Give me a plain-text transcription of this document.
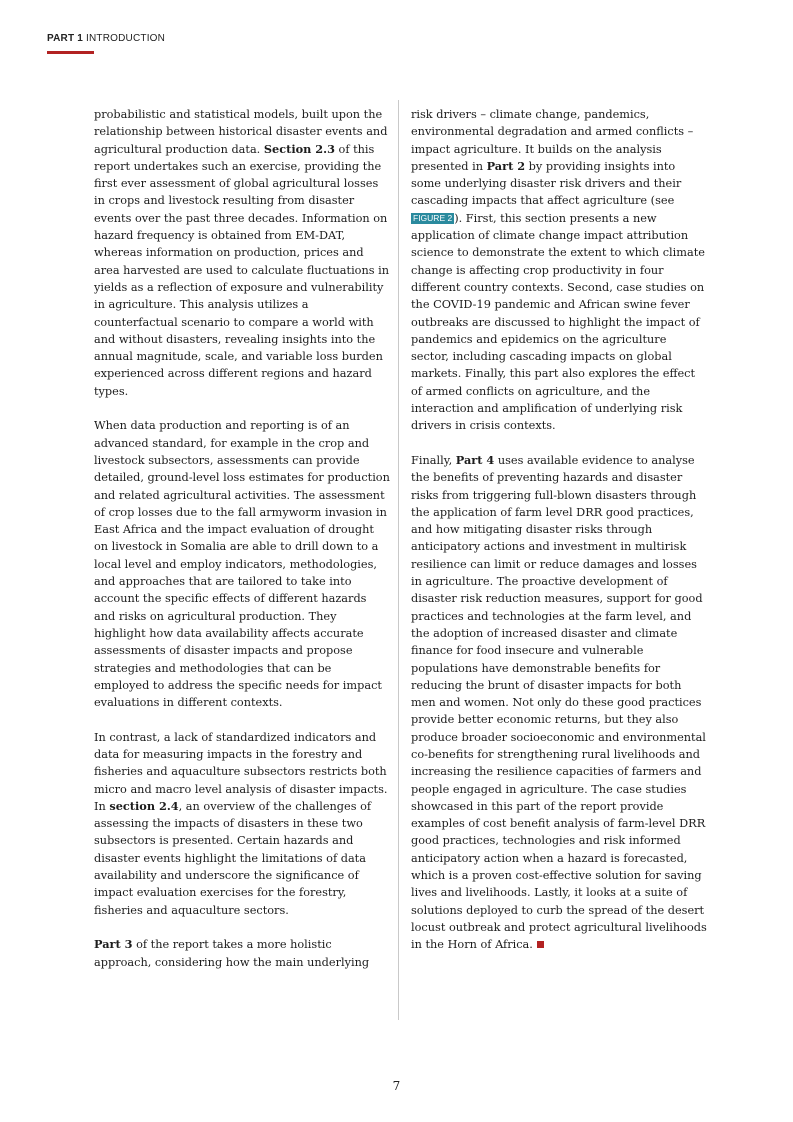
PART 1 INTRODUCTION

probabilistic and statistical models, built upon the relationship between historical disaster events and agricultural production data. Section 2.3 of this report undertakes such an exercise, providing the first ever assessment of global agricultural losses in crops and livestock resulting from disaster events over the past three decades. Information on hazard frequency is obtained from EM-DAT, whereas information on production, prices and area harvested are used to calculate fluctuations in yields as a reflection of exposure and vulnerability in agriculture. This analysis utilizes a counterfactual scenario to compare a world with and without disasters, revealing insights into the annual magnitude, scale, and variable loss burden experienced across different regions and hazard types.

When data production and reporting is of an advanced standard, for example in the crop and livestock subsectors, assessments can provide detailed, ground-level loss estimates for production and related agricultural activities. The assessment of crop losses due to the fall armyworm invasion in East Africa and the impact evaluation of drought on livestock in Somalia are able to drill down to a local level and employ indicators, methodologies, and approaches that are tailored to take into account the specific effects of different hazards and risks on agricultural production. They highlight how data availability affects accurate assessments of disaster impacts and propose strategies and methodologies that can be employed to address the specific needs for impact evaluations in different contexts.

In contrast, a lack of standardized indicators and data for measuring impacts in the forestry and fisheries and aquaculture subsectors restricts both micro and macro level analysis of disaster impacts. In section 2.4, an overview of the challenges of assessing the impacts of disasters in these two subsectors is presented. Certain hazards and disaster events highlight the limitations of data availability and underscore the significance of impact evaluation exercises for the forestry, fisheries and aquaculture sectors.

Part 3 of the report takes a more holistic approach, considering how the main underlying

risk drivers – climate change, pandemics, environmental degradation and armed conflicts – impact agriculture. It builds on the analysis presented in Part 2 by providing insights into some underlying disaster risk drivers and their cascading impacts that affect agriculture (see FIGURE 2 ). First, this section presents a new application of climate change impact attribution science to demonstrate the extent to which climate change is affecting crop productivity in four different country contexts. Second, case studies on the COVID-19 pandemic and African swine fever outbreaks are discussed to highlight the impact of pandemics and epidemics on the agriculture sector, including cascading impacts on global markets. Finally, this part also explores the effect of armed conflicts on agriculture, and the interaction and amplification of underlying risk drivers in crisis contexts.

Finally, Part 4 uses available evidence to analyse the benefits of preventing hazards and disaster risks from triggering full-blown disasters through the application of farm level DRR good practices, and how mitigating disaster risks through anticipatory actions and investment in multirisk resilience can limit or reduce damages and losses in agriculture. The proactive development of disaster risk reduction measures, support for good practices and technologies at the farm level, and the adoption of increased disaster and climate finance for food insecure and vulnerable populations have demonstrable benefits for reducing the brunt of disaster impacts for both men and women. Not only do these good practices provide better economic returns, but they also produce broader socioeconomic and environmental co-benefits for strengthening rural livelihoods and increasing the resilience capacities of farmers and people engaged in agriculture. The case studies showcased in this part of the report provide examples of cost benefit analysis of farm-level DRR good practices, technologies and risk informed anticipatory action when a hazard is forecasted, which is a proven cost-effective solution for saving lives and livelihoods. Lastly, it looks at a suite of solutions deployed to curb the spread of the desert locust outbreak and protect agricultural livelihoods in the Horn of Africa.

7
